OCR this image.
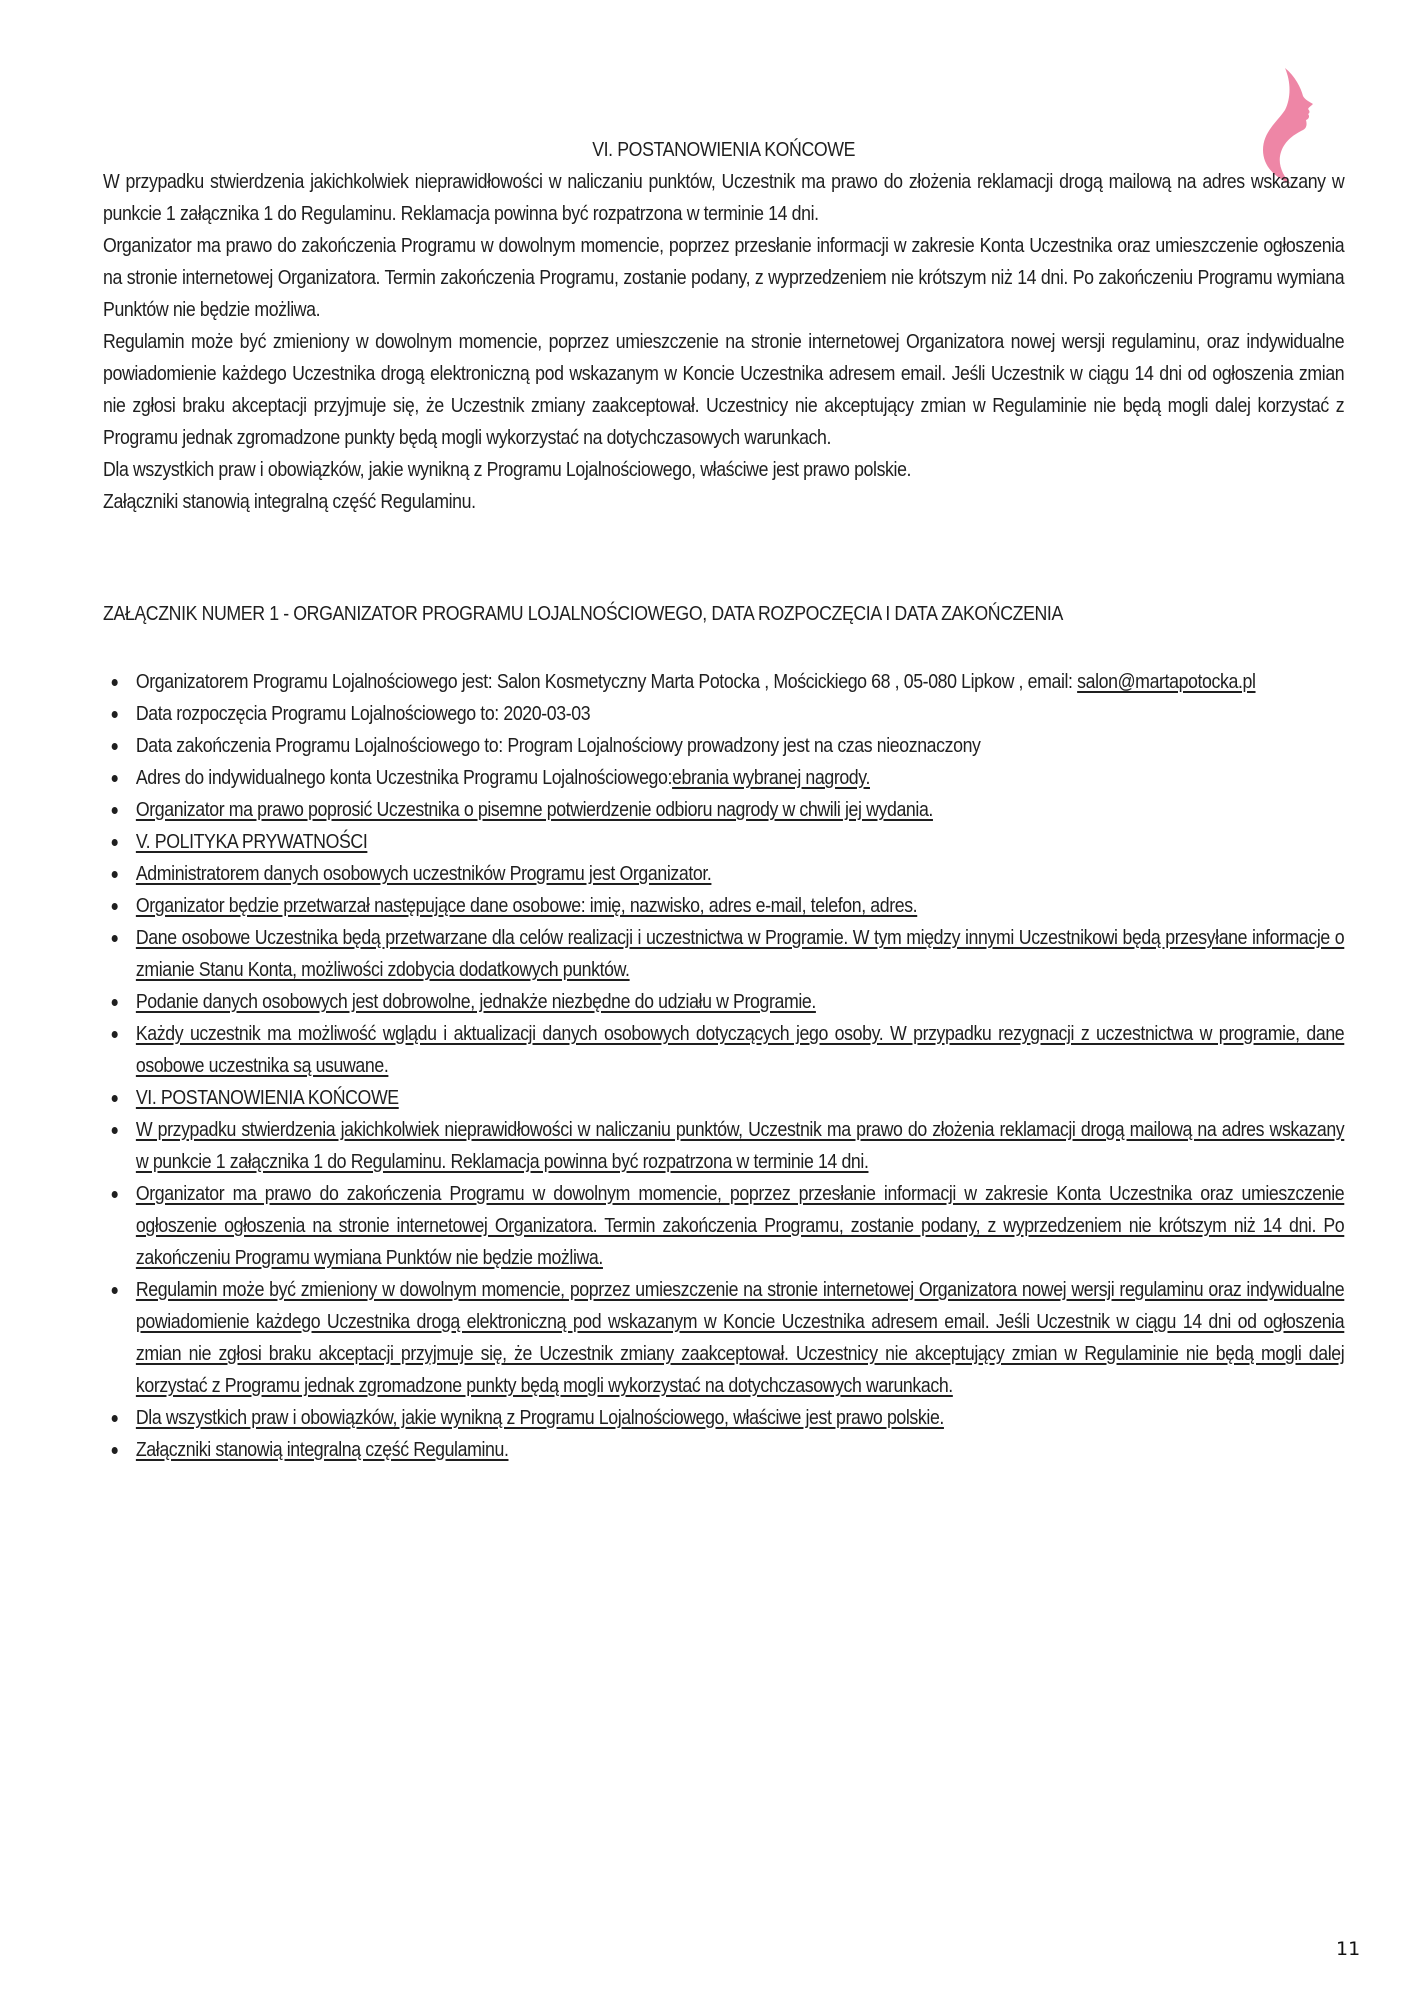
VI. POSTANOWIENIA KOŃCOWE

W przypadku stwierdzenia jakichkolwiek nieprawidłowości w naliczaniu punktów, Uczestnik ma prawo do złożenia reklamacji drogą mailową na adres wskazany w punkcie 1 załącznika 1 do Regulaminu. Reklamacja powinna być rozpatrzona w terminie 14 dni.

Organizator ma prawo do zakończenia Programu w dowolnym momencie, poprzez przesłanie informacji w zakresie Konta Uczestnika oraz umieszczenie ogłoszenia na stronie internetowej Organizatora. Termin zakończenia Programu, zostanie podany, z wyprzedzeniem nie krótszym niż 14 dni. Po zakończeniu Programu wymiana Punktów nie będzie możliwa.

Regulamin może być zmieniony w dowolnym momencie, poprzez umieszczenie na stronie internetowej Organizatora nowej wersji regulaminu, oraz indywidualne powiadomienie każdego Uczestnika drogą elektroniczną pod wskazanym w Koncie Uczestnika adresem email. Jeśli Uczestnik w ciągu 14 dni od ogłoszenia zmian nie zgłosi braku akceptacji przyjmuje się, że Uczestnik zmiany zaakceptował. Uczestnicy nie akceptujący zmian w Regulaminie nie będą mogli dalej korzystać z Programu jednak zgromadzone punkty będą mogli wykorzystać na dotychczasowych warunkach.

Dla wszystkich praw i obowiązków, jakie wynikną z Programu Lojalnościowego, właściwe jest prawo polskie.

Załączniki stanowią integralną część Regulaminu.

ZAŁĄCZNIK NUMER 1 - ORGANIZATOR PROGRAMU LOJALNOŚCIOWEGO, DATA ROZPOCZĘCIA I DATA ZAKOŃCZENIA
Organizatorem Programu Lojalnościowego jest: Salon Kosmetyczny Marta Potocka , Mościckiego 68 , 05-080 Lipkow , email: salon@martapotocka.pl
Data rozpoczęcia Programu Lojalnościowego to: 2020-03-03
Data zakończenia Programu Lojalnościowego to: Program Lojalnościowy prowadzony jest na czas nieoznaczony
Adres do indywidualnego konta Uczestnika Programu Lojalnościowego:ebrania wybranej nagrody.
Organizator ma prawo poprosić Uczestnika o pisemne potwierdzenie odbioru nagrody w chwili jej wydania.
V. POLITYKA PRYWATNOŚCI
Administratorem danych osobowych uczestników Programu jest Organizator.
Organizator będzie przetwarzał następujące dane osobowe: imię, nazwisko, adres e-mail, telefon, adres.
Dane osobowe Uczestnika będą przetwarzane dla celów realizacji i uczestnictwa w Programie. W tym między innymi Uczestnikowi będą przesyłane informacje o zmianie Stanu Konta, możliwości zdobycia dodatkowych punktów.
Podanie danych osobowych jest dobrowolne, jednakże niezbędne do udziału w Programie.
Każdy uczestnik ma możliwość wglądu i aktualizacji danych osobowych dotyczących jego osoby. W przypadku rezygnacji z uczestnictwa w programie, dane osobowe uczestnika są usuwane.
VI. POSTANOWIENIA KOŃCOWE
W przypadku stwierdzenia jakichkolwiek nieprawidłowości w naliczaniu punktów, Uczestnik ma prawo do złożenia reklamacji drogą mailową na adres wskazany w punkcie 1 załącznika 1 do Regulaminu. Reklamacja powinna być rozpatrzona w terminie 14 dni.
Organizator ma prawo do zakończenia Programu w dowolnym momencie, poprzez przesłanie informacji w zakresie Konta Uczestnika oraz umieszczenie ogłoszenie ogłoszenia na stronie internetowej Organizatora. Termin zakończenia Programu, zostanie podany, z wyprzedzeniem nie krótszym niż 14 dni. Po zakończeniu Programu wymiana Punktów nie będzie możliwa.
Regulamin może być zmieniony w dowolnym momencie, poprzez umieszczenie na stronie internetowej Organizatora nowej wersji regulaminu oraz indywidualne powiadomienie każdego Uczestnika drogą elektroniczną pod wskazanym w Koncie Uczestnika adresem email. Jeśli Uczestnik w ciągu 14 dni od ogłoszenia zmian nie zgłosi braku akceptacji przyjmuje się, że Uczestnik zmiany zaakceptował. Uczestnicy nie akceptujący zmian w Regulaminie nie będą mogli dalej korzystać z Programu jednak zgromadzone punkty będą mogli wykorzystać na dotychczasowych warunkach.
Dla wszystkich praw i obowiązków, jakie wynikną z Programu Lojalnościowego, właściwe jest prawo polskie.
Załączniki stanowią integralną część Regulaminu.
11
